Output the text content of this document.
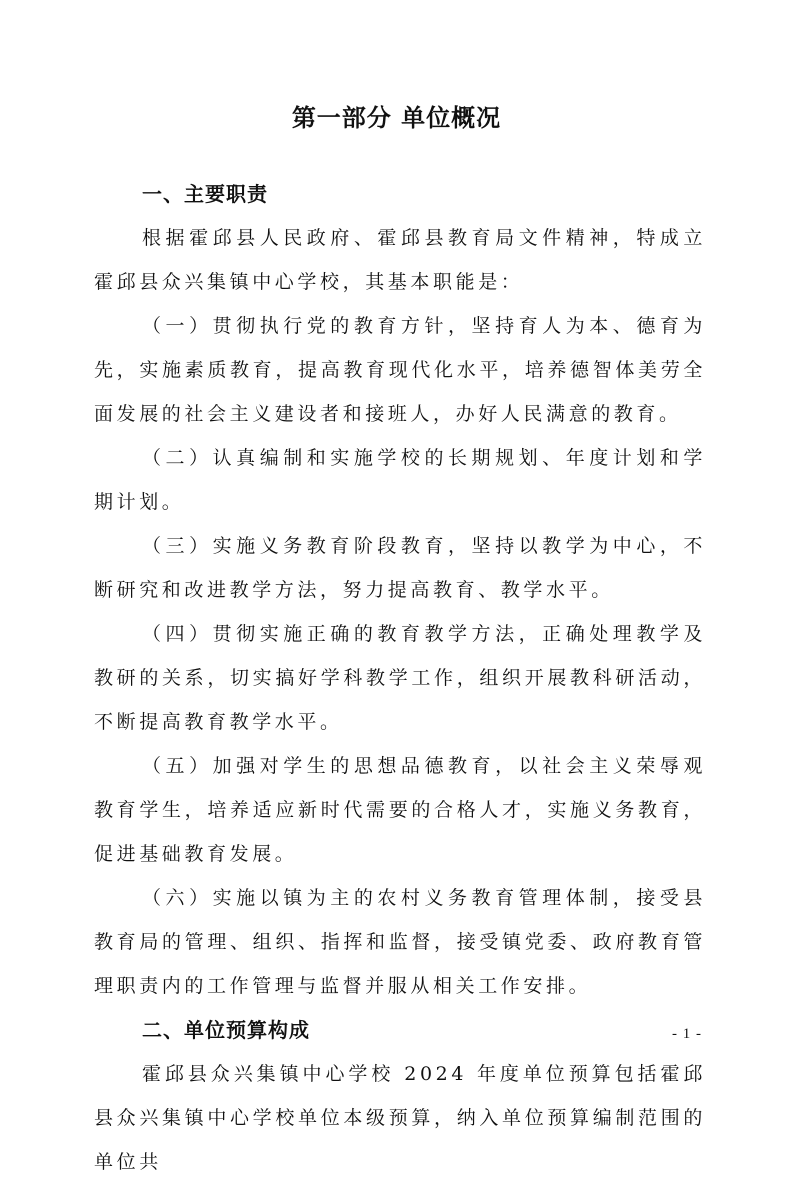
第一部分 单位概况

一、主要职责

根据霍邱县人民政府、霍邱县教育局文件精神，特成立霍邱县众兴集镇中心学校，其基本职能是：

（一）贯彻执行党的教育方针，坚持育人为本、德育为先，实施素质教育，提高教育现代化水平，培养德智体美劳全面发展的社会主义建设者和接班人，办好人民满意的教育。

（二）认真编制和实施学校的长期规划、年度计划和学期计划。

（三）实施义务教育阶段教育，坚持以教学为中心，不断研究和改进教学方法，努力提高教育、教学水平。

（四）贯彻实施正确的教育教学方法，正确处理教学及教研的关系，切实搞好学科教学工作，组织开展教科研活动，不断提高教育教学水平。

（五）加强对学生的思想品德教育，以社会主义荣辱观教育学生，培养适应新时代需要的合格人才，实施义务教育，促进基础教育发展。

（六）实施以镇为主的农村义务教育管理体制，接受县教育局的管理、组织、指挥和监督，接受镇党委、政府教育管理职责内的工作管理与监督并服从相关工作安排。

二、单位预算构成

霍邱县众兴集镇中心学校 2024 年度单位预算包括霍邱县众兴集镇中心学校单位本级预算，纳入单位预算编制范围的单位共

- 1 -
